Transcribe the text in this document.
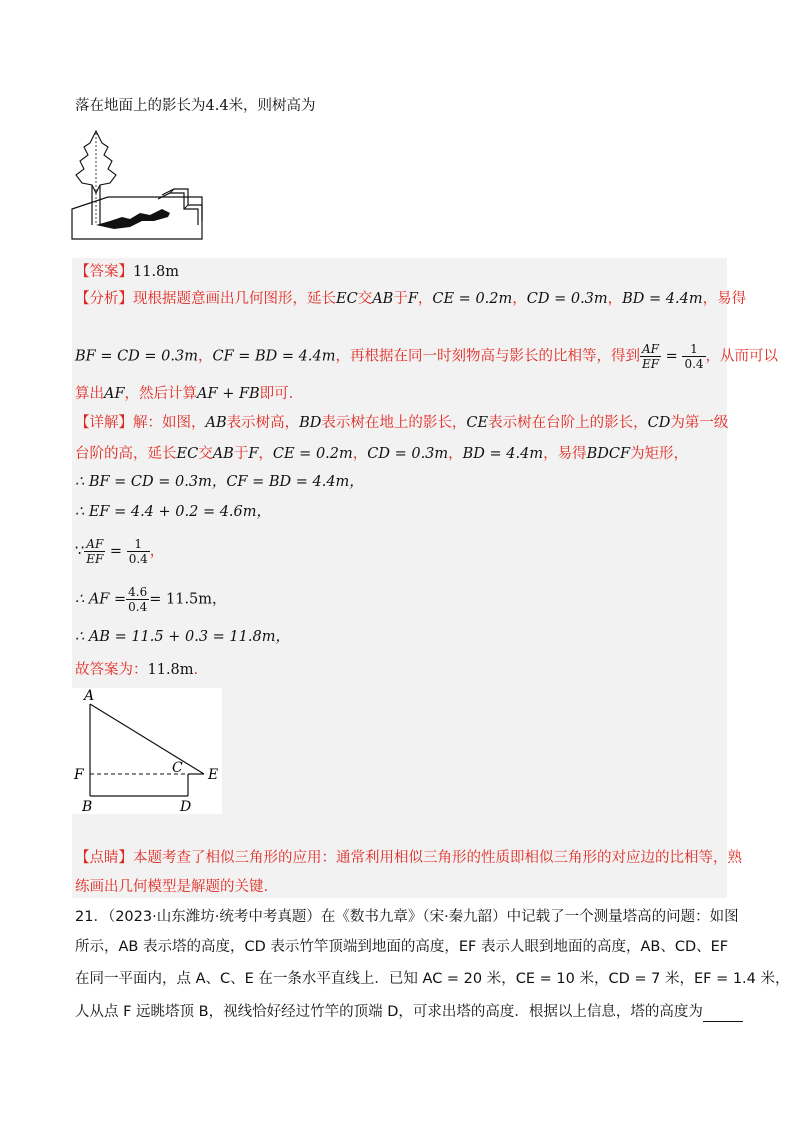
落在地面上的影长为4.4米，则树高为
【答案】11.8m
【分析】现根据题意画出几何图形，延长EC交AB于F，CE = 0.2m，CD = 0.3m，BD = 4.4m，易得
BF = CD = 0.3m，CF = BD = 4.4m，再根据在同一时刻物高与影长的比相等，得到 $\frac{AF}{EF} = \frac{1}{0.4}$ ，从而可以
算出AF，然后计算AF + FB即可.
【详解】解：如图，AB表示树高，BD表示树在地上的影长，CE表示树在台阶上的影长，CD为第一级
台阶的高，延长EC交AB于F，CE = 0.2m，CD = 0.3m，BD = 4.4m，易得BDCF为矩形，
∴ BF = CD = 0.3m，CF = BD = 4.4m，
∴ EF = 4.4 + 0.2 = 4.6m，
∵ $\frac{AF}{EF} = \frac{1}{0.4}$ ，
∴ AF = $\frac{4.6}{0.4} = 11.5m$，
∴ AB = 11.5 + 0.3 = 11.8m，
故答案为：11.8m.
A
F
B
C
D
E
【点睛】本题考查了相似三角形的应用：通常利用相似三角形的性质即相似三角形的对应边的比相等，熟
练画出几何模型是解题的关键.
21．（2023·山东潍坊·统考中考真题）在《数书九章》（宋·秦九韶）中记载了一个测量塔高的问题：如图
所示，AB 表示塔的高度，CD 表示竹竿顶端到地面的高度，EF 表示人眼到地面的高度，AB、CD、EF
在同一平面内，点 A、C、E 在一条水平直线上．已知 AC = 20 米，CE = 10 米，CD = 7 米，EF = 1.4 米，
人从点 F 远眺塔顶 B，视线恰好经过竹竿的顶端 D，可求出塔的高度．根据以上信息，塔的高度为
